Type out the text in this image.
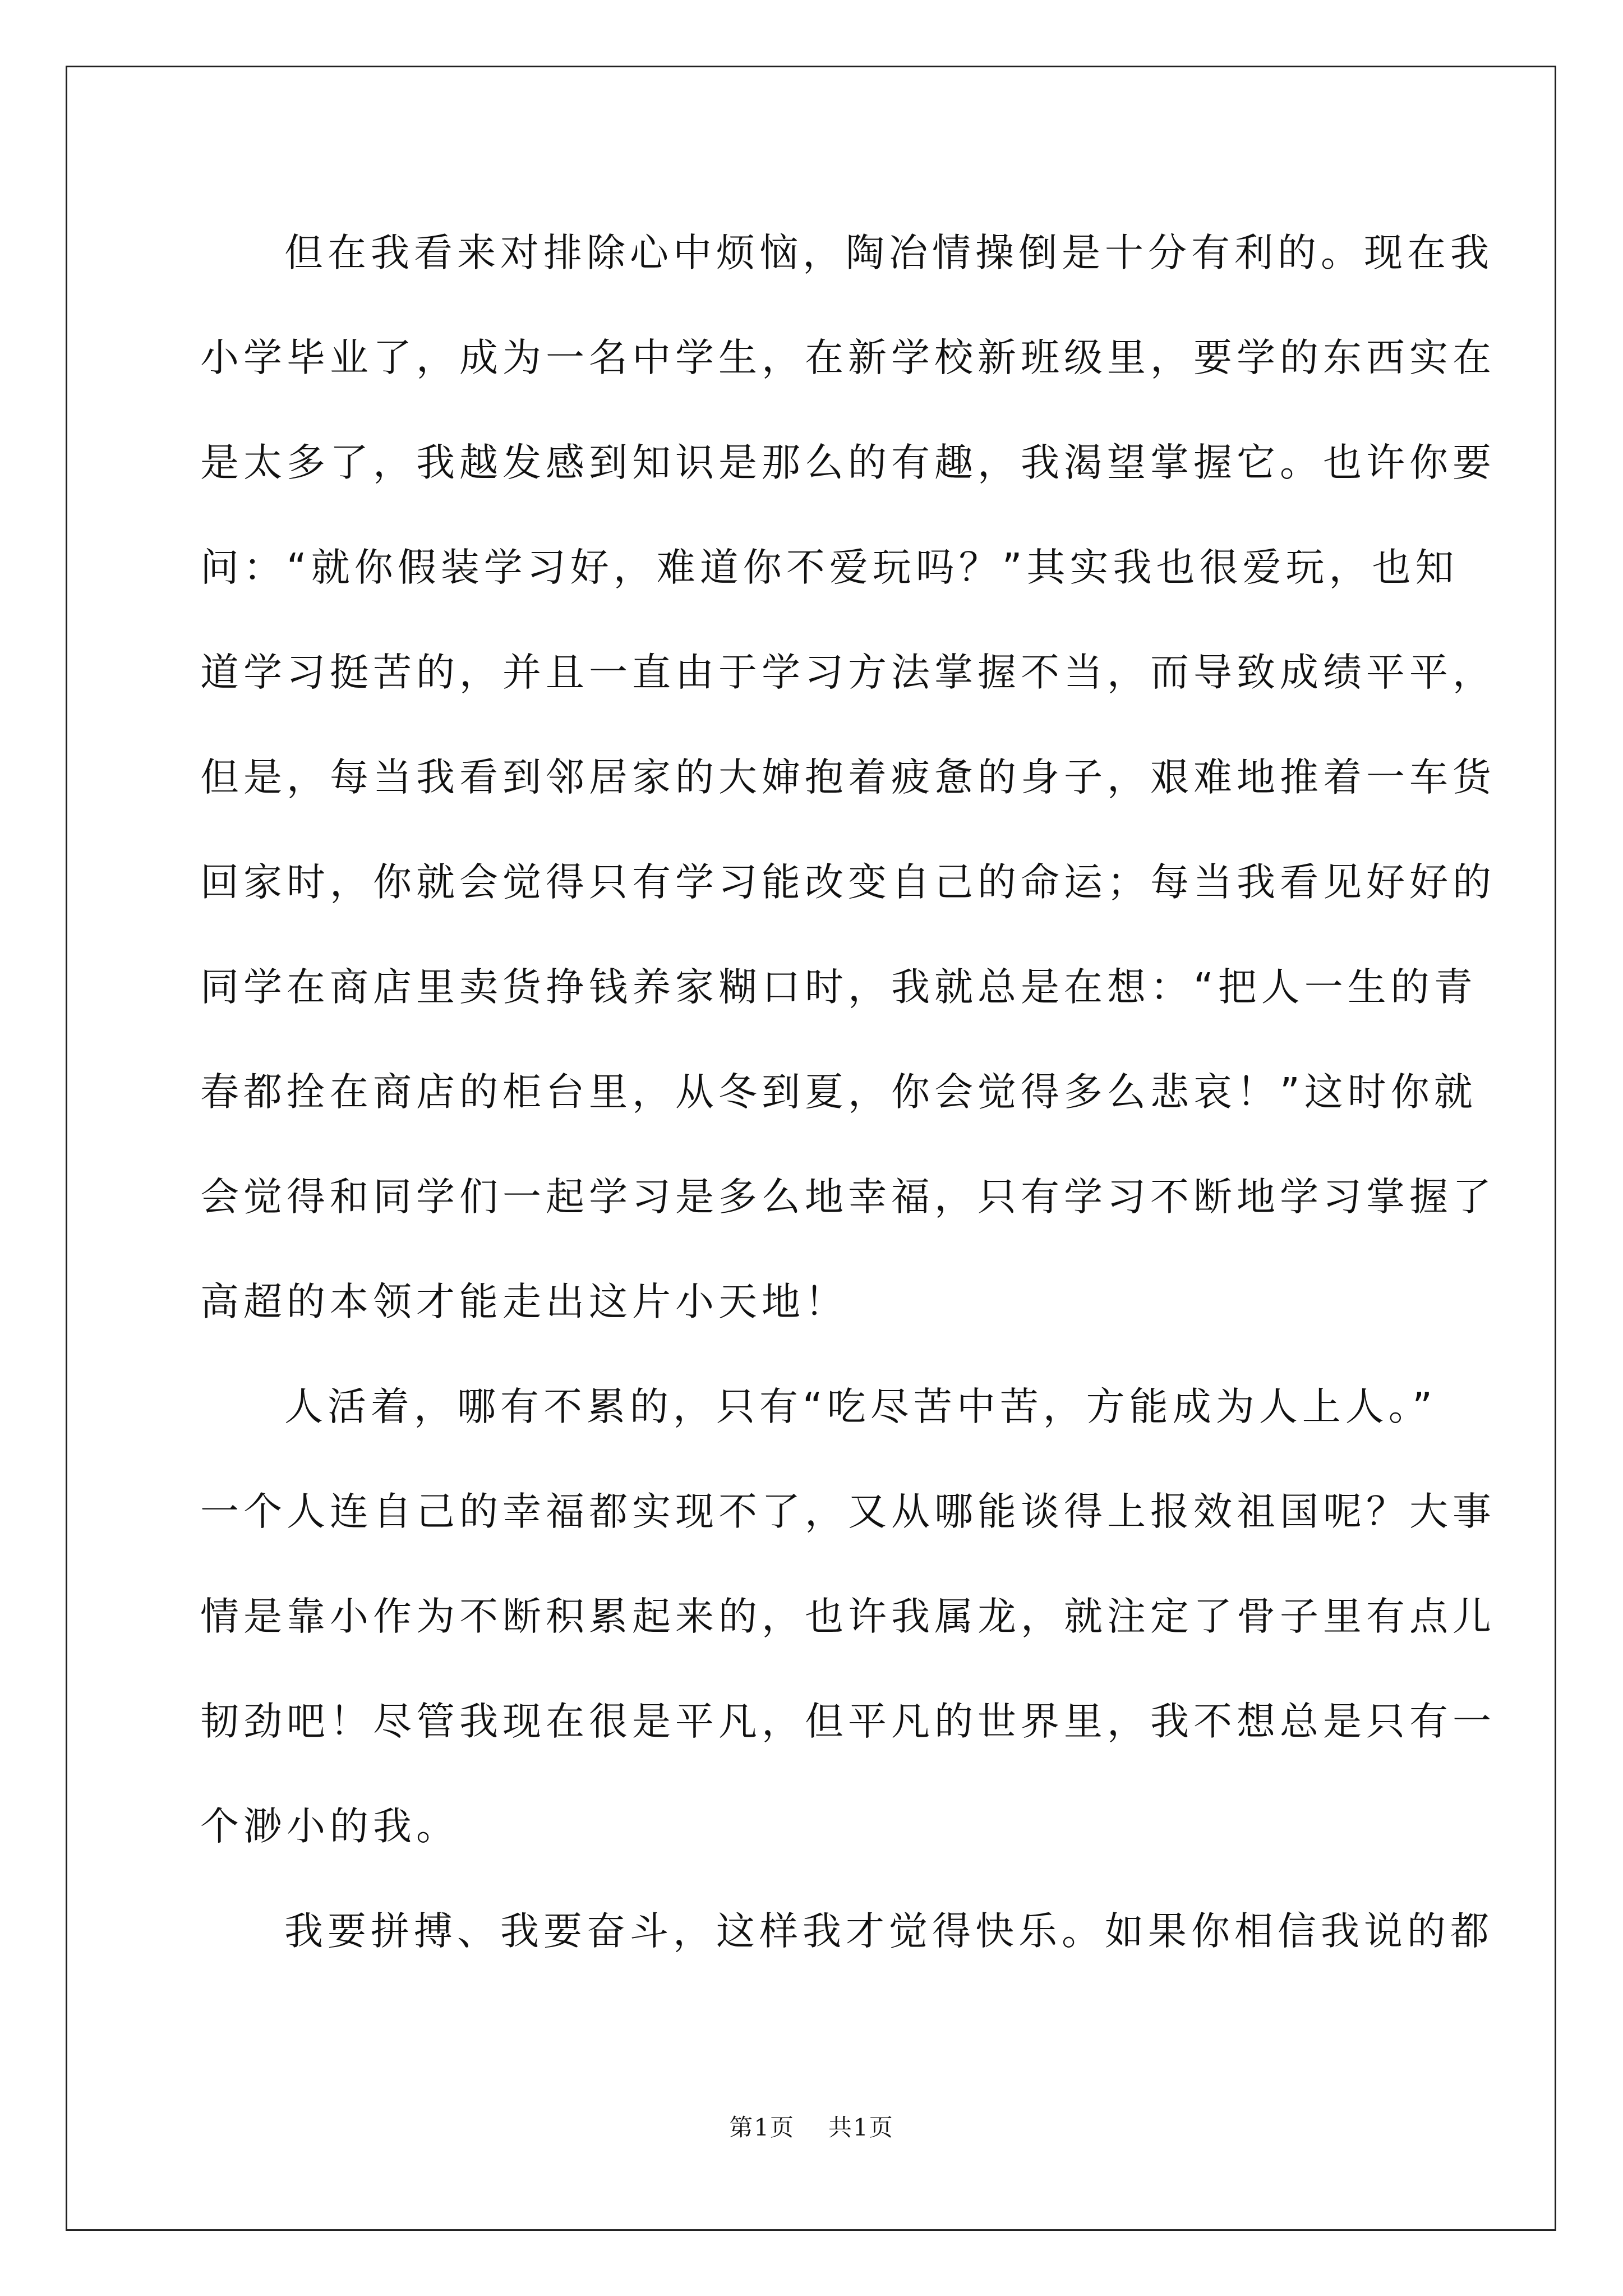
但在我看来对排除心中烦恼，陶冶情操倒是十分有利的。现在我
小学毕业了，成为一名中学生，在新学校新班级里，要学的东西实在
是太多了，我越发感到知识是那么的有趣，我渴望掌握它。也许你要
问：“就你假装学习好，难道你不爱玩吗？”其实我也很爱玩，也知
道学习挺苦的，并且一直由于学习方法掌握不当，而导致成绩平平，
但是，每当我看到邻居家的大婶抱着疲惫的身子，艰难地推着一车货
回家时，你就会觉得只有学习能改变自己的命运；每当我看见好好的
同学在商店里卖货挣钱养家糊口时，我就总是在想：“把人一生的青
春都拴在商店的柜台里，从冬到夏，你会觉得多么悲哀！”这时你就
会觉得和同学们一起学习是多么地幸福，只有学习不断地学习掌握了
高超的本领才能走出这片小天地！
人活着，哪有不累的，只有“吃尽苦中苦，方能成为人上人。”
一个人连自己的幸福都实现不了，又从哪能谈得上报效祖国呢？大事
情是靠小作为不断积累起来的，也许我属龙，就注定了骨子里有点儿
韧劲吧！尽管我现在很是平凡，但平凡的世界里，我不想总是只有一
个渺小的我。
我要拼搏、我要奋斗，这样我才觉得快乐。如果你相信我说的都
第1页 共1页
